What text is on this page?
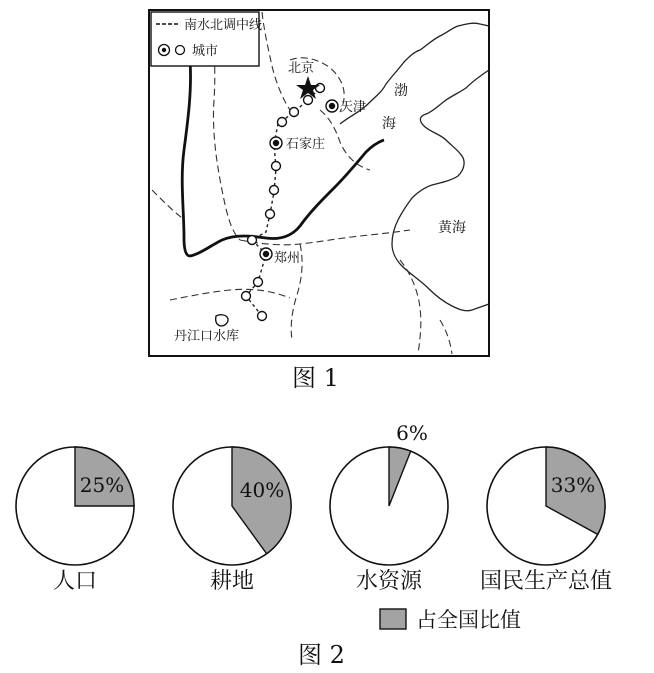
南水北调中线
城市
北京
天津
石家庄
郑州
丹江口水库
渤
海
黄海
图 1
25%
人口
40%
耕地
6%
水资源
33%
国民生产总值
占全国比值
图 2
